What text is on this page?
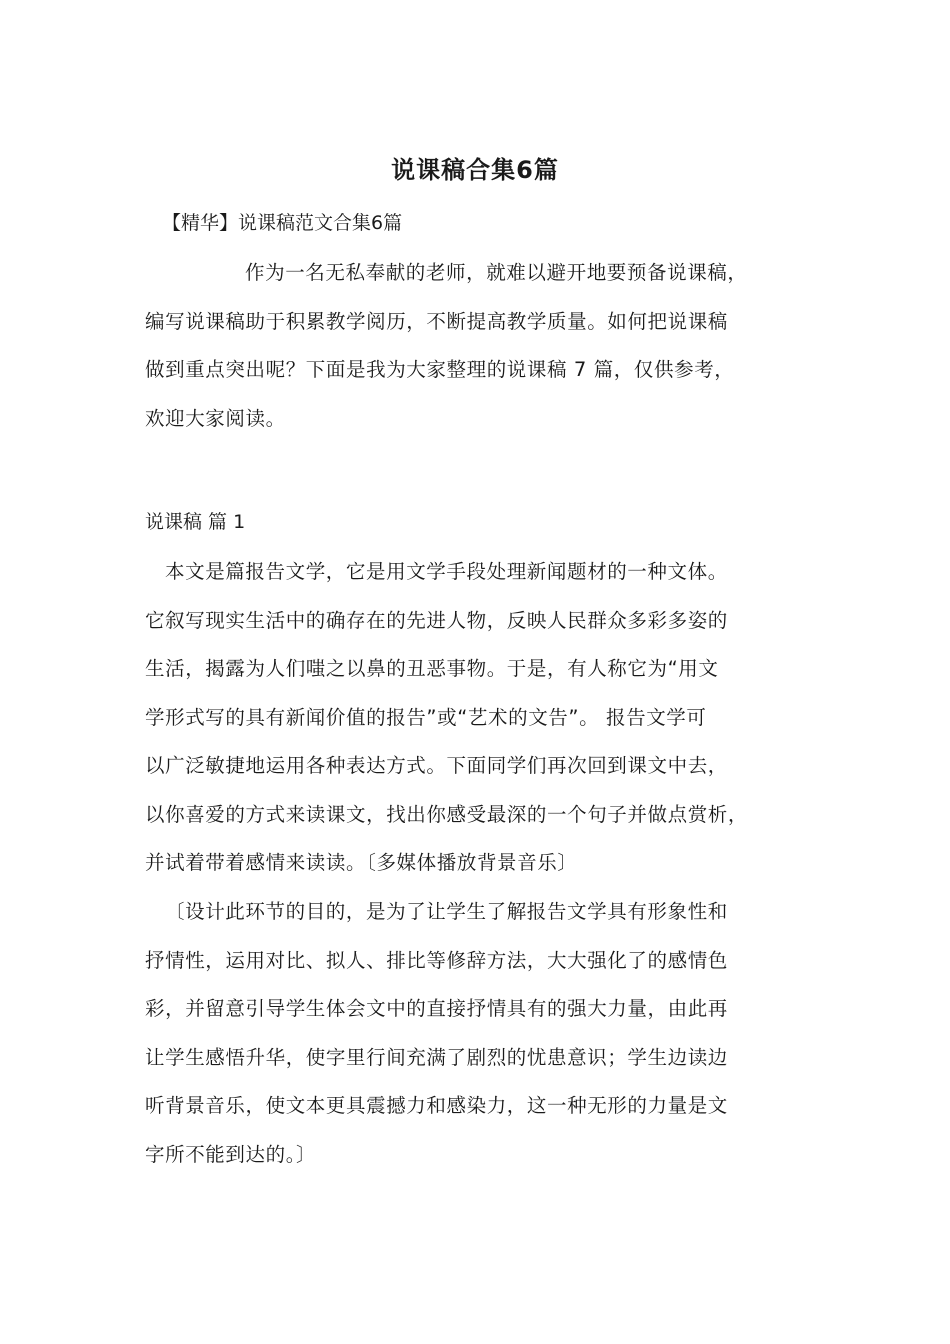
说课稿合集6篇
【精华】说课稿范文合集6篇
作为一名无私奉献的老师，就难以避开地要预备说课稿，
编写说课稿助于积累教学阅历，不断提高教学质量。如何把说课稿
做到重点突出呢？下面是我为大家整理的说课稿 7 篇，仅供参考，
欢迎大家阅读。
说课稿 篇 1
本文是篇报告文学，它是用文学手段处理新闻题材的一种文体。
它叙写现实生活中的确存在的先进人物，反映人民群众多彩多姿的
生活，揭露为人们嗤之以鼻的丑恶事物。于是，有人称它为“用文
学形式写的具有新闻价值的报告”或“艺术的文告”。 报告文学可
以广泛敏捷地运用各种表达方式。下面同学们再次回到课文中去，
以你喜爱的方式来读课文，找出你感受最深的一个句子并做点赏析，
并试着带着感情来读读。〔多媒体播放背景音乐〕
〔设计此环节的目的，是为了让学生了解报告文学具有形象性和
抒情性，运用对比、拟人、排比等修辞方法，大大强化了的感情色
彩，并留意引导学生体会文中的直接抒情具有的强大力量，由此再
让学生感悟升华，使字里行间充满了剧烈的忧患意识；学生边读边
听背景音乐，使文本更具震撼力和感染力，这一种无形的力量是文
字所不能到达的。〕
